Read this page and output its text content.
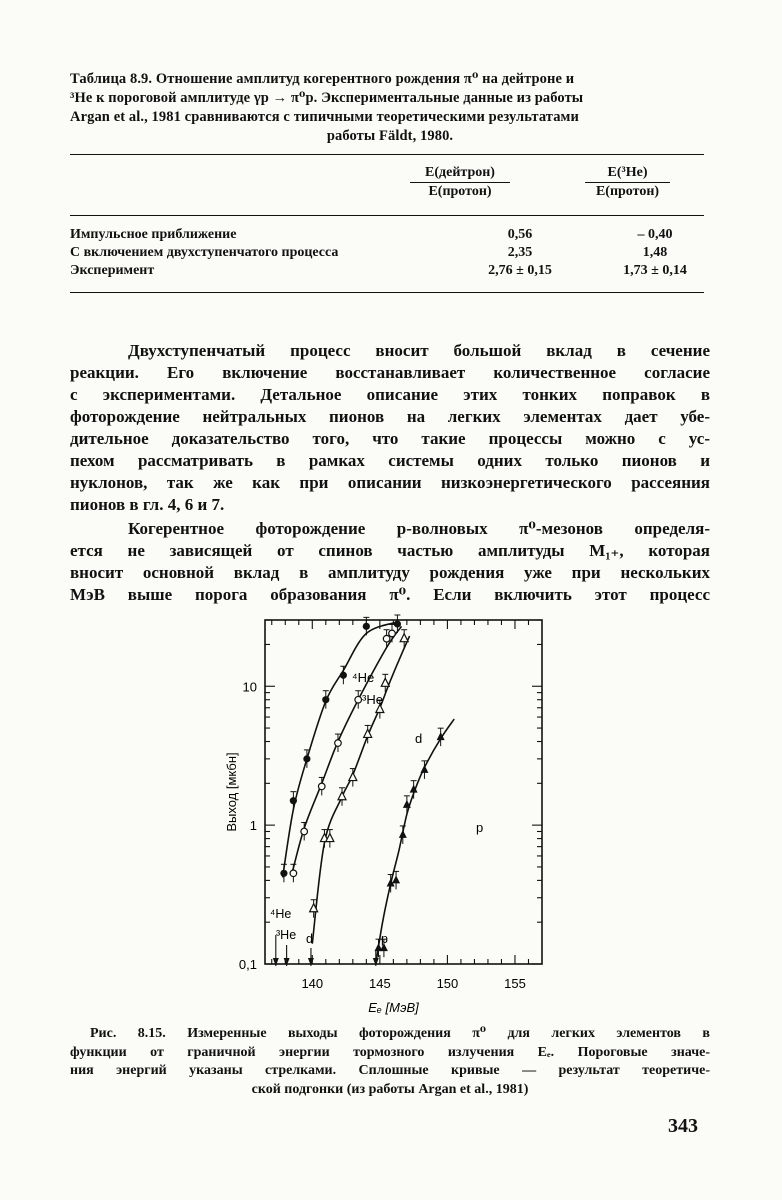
Таблица 8.9. Отношение амплитуд когерентного рождения π⁰ на дейтроне и
³He к пороговой амплитуде γp → π⁰p. Экспериментальные данные из работы
Argan et al., 1981 сравниваются с типичными теоретическими результатами
работы Fäldt, 1980.
E(дейтрон)
E(протон)
E(³He)
E(протон)
Импульсное приближение	0,56	– 0,40
С включением двухступенчатого процесса	2,35	1,48
Эксперимент	2,76 ± 0,15	1,73 ± 0,14
Двухступенчатый процесс вносит большой вклад в сечение
реакции. Его включение восстанавливает количественное согласие
с экспериментами. Детальное описание этих тонких поправок в
фоторождение нейтральных пионов на легких элементах дает убе-
дительное доказательство того, что такие процессы можно с ус-
пехом рассматривать в рамках системы одних только пионов и
нуклонов, так же как при описании низкоэнергетического рассеяния
пионов в гл. 4, 6 и 7.
Когерентное фоторождение р-волновых π⁰-мезонов определя-
ется не зависящей от спинов частью амплитуды M₁₊, которая
вносит основной вклад в амплитуду рождения уже при нескольких
МэВ выше порога образования π⁰. Если включить этот процесс
140	145	150	155
0,1
1
10
Eₑ [МэВ]
Выход [мкбн]
⁴He
³He
d
p
⁴He
³He d	p
Рис. 8.15. Измеренные выходы фоторождения π⁰ для легких элементов в
функции от граничной энергии тормозного излучения Eₑ. Пороговые значе-
ния энергий указаны стрелками. Сплошные кривые — результат теоретиче-
ской подгонки (из работы Argan et al., 1981)
343
